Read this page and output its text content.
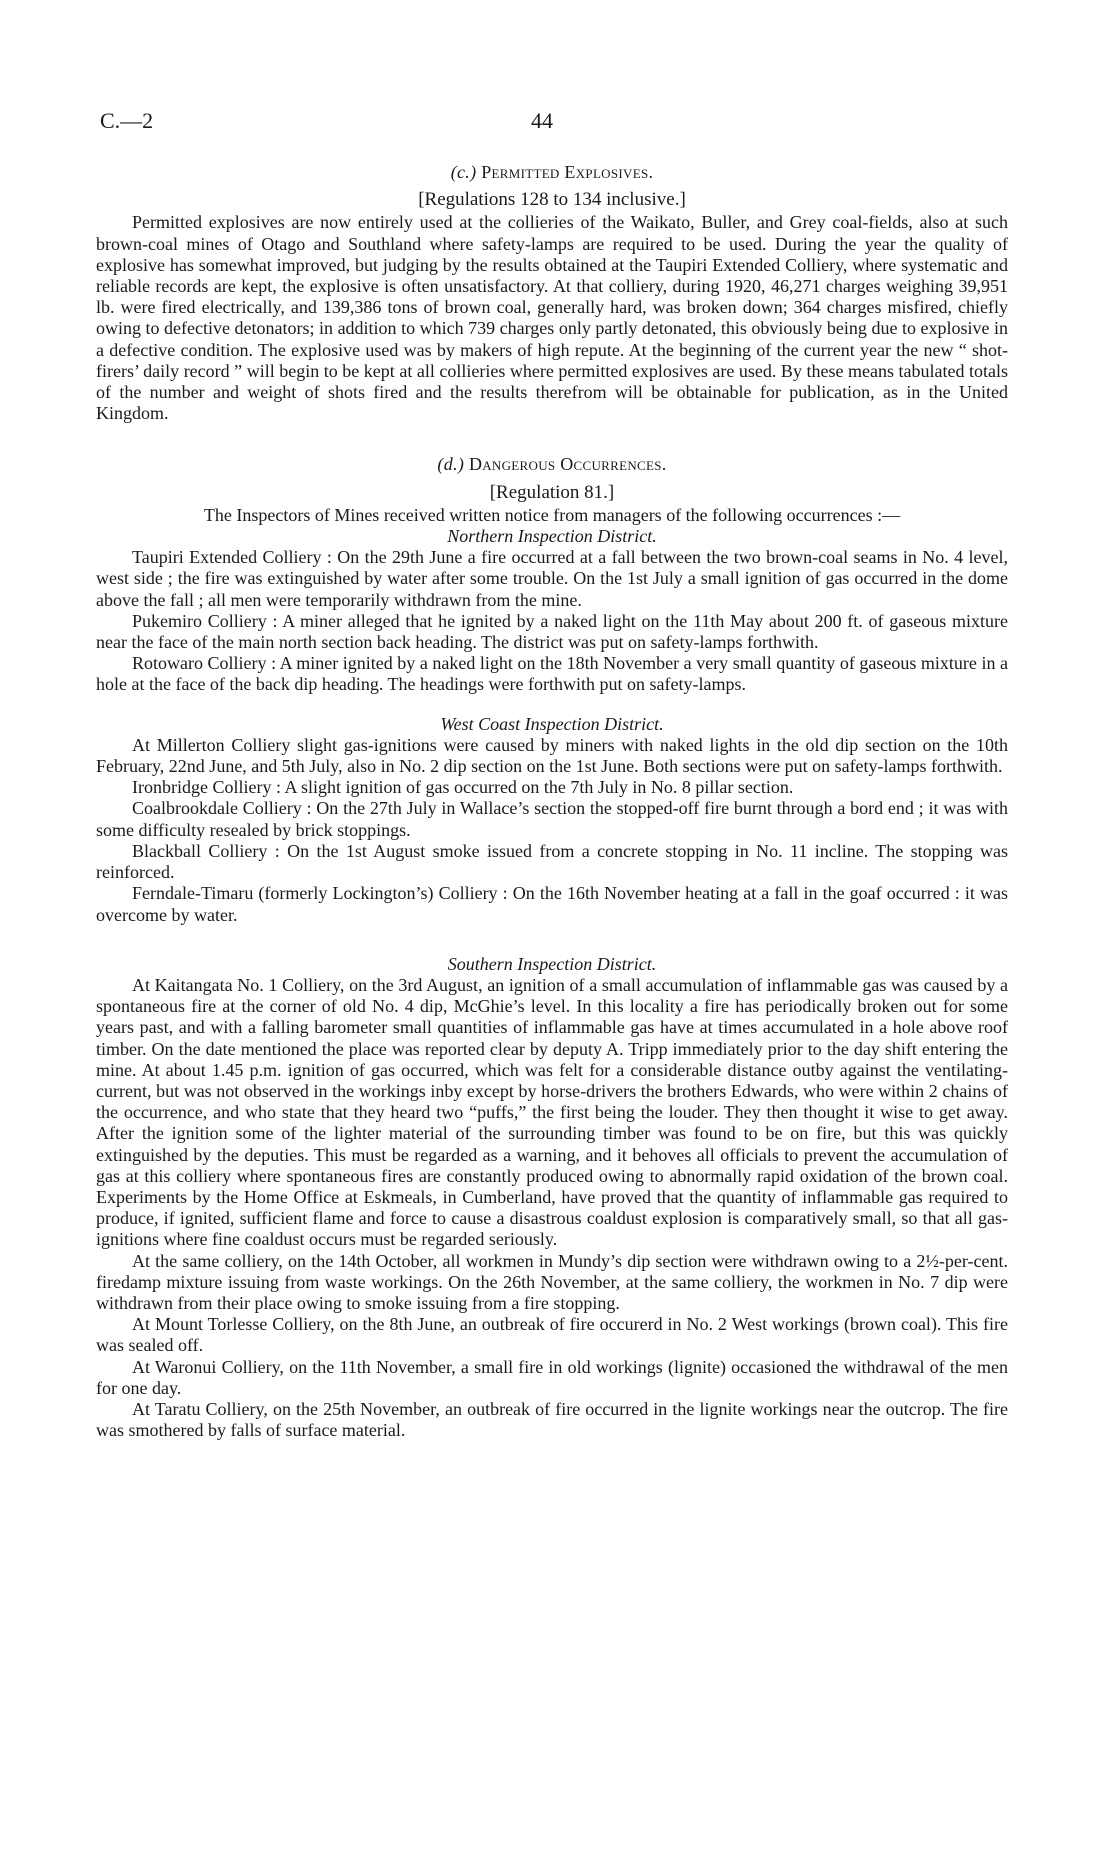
C.—2	44
(c.) Permitted Explosives.
[Regulations 128 to 134 inclusive.]

Permitted explosives are now entirely used at the collieries of the Waikato, Buller, and Grey coal-fields, also at such brown-coal mines of Otago and Southland where safety-lamps are required to be used. During the year the quality of explosive has somewhat improved, but judging by the results obtained at the Taupiri Extended Colliery, where systematic and reliable records are kept, the explosive is often unsatisfactory. At that colliery, during 1920, 46,271 charges weighing 39,951 lb. were fired electrically, and 139,386 tons of brown coal, generally hard, was broken down; 364 charges misfired, chiefly owing to defective detonators; in addition to which 739 charges only partly detonated, this obviously being due to explosive in a defective condition. The explosive used was by makers of high repute. At the beginning of the current year the new “ shot-firers’ daily record ” will begin to be kept at all collieries where permitted explosives are used. By these means tabulated totals of the number and weight of shots fired and the results therefrom will be obtainable for publication, as in the United Kingdom.

(d.) Dangerous Occurrences.
[Regulation 81.]

The Inspectors of Mines received written notice from managers of the following occurrences :—

Northern Inspection District.

Taupiri Extended Colliery : On the 29th June a fire occurred at a fall between the two brown-coal seams in No. 4 level, west side ; the fire was extinguished by water after some trouble. On the 1st July a small ignition of gas occurred in the dome above the fall ; all men were temporarily withdrawn from the mine.

Pukemiro Colliery : A miner alleged that he ignited by a naked light on the 11th May about 200 ft. of gaseous mixture near the face of the main north section back heading. The district was put on safety-lamps forthwith.

Rotowaro Colliery : A miner ignited by a naked light on the 18th November a very small quantity of gaseous mixture in a hole at the face of the back dip heading. The headings were forthwith put on safety-lamps.

West Coast Inspection District.

At Millerton Colliery slight gas-ignitions were caused by miners with naked lights in the old dip section on the 10th February, 22nd June, and 5th July, also in No. 2 dip section on the 1st June. Both sections were put on safety-lamps forthwith.

Ironbridge Colliery : A slight ignition of gas occurred on the 7th July in No. 8 pillar section.

Coalbrookdale Colliery : On the 27th July in Wallace’s section the stopped-off fire burnt through a bord end ; it was with some difficulty resealed by brick stoppings.

Blackball Colliery : On the 1st August smoke issued from a concrete stopping in No. 11 incline. The stopping was reinforced.

Ferndale-Timaru (formerly Lockington’s) Colliery : On the 16th November heating at a fall in the goaf occurred : it was overcome by water.

Southern Inspection District.

At Kaitangata No. 1 Colliery, on the 3rd August, an ignition of a small accumulation of inflammable gas was caused by a spontaneous fire at the corner of old No. 4 dip, McGhie’s level. In this locality a fire has periodically broken out for some years past, and with a falling barometer small quantities of inflammable gas have at times accumulated in a hole above roof timber. On the date mentioned the place was reported clear by deputy A. Tripp immediately prior to the day shift entering the mine. At about 1.45 p.m. ignition of gas occurred, which was felt for a considerable distance outby against the ventilating-current, but was not observed in the workings inby except by horse-drivers the brothers Edwards, who were within 2 chains of the occurrence, and who state that they heard two “puffs,” the first being the louder. They then thought it wise to get away. After the ignition some of the lighter material of the surrounding timber was found to be on fire, but this was quickly extinguished by the deputies. This must be regarded as a warning, and it behoves all officials to prevent the accumulation of gas at this colliery where spontaneous fires are constantly produced owing to abnormally rapid oxidation of the brown coal. Experiments by the Home Office at Eskmeals, in Cumberland, have proved that the quantity of inflammable gas required to produce, if ignited, sufficient flame and force to cause a disastrous coaldust explosion is comparatively small, so that all gas-ignitions where fine coaldust occurs must be regarded seriously.

At the same colliery, on the 14th October, all workmen in Mundy’s dip section were withdrawn owing to a 2½-per-cent. firedamp mixture issuing from waste workings. On the 26th November, at the same colliery, the workmen in No. 7 dip were withdrawn from their place owing to smoke issuing from a fire stopping.

At Mount Torlesse Colliery, on the 8th June, an outbreak of fire occurerd in No. 2 West workings (brown coal). This fire was sealed off.

At Waronui Colliery, on the 11th November, a small fire in old workings (lignite) occasioned the withdrawal of the men for one day.

At Taratu Colliery, on the 25th November, an outbreak of fire occurred in the lignite workings near the outcrop. The fire was smothered by falls of surface material.
